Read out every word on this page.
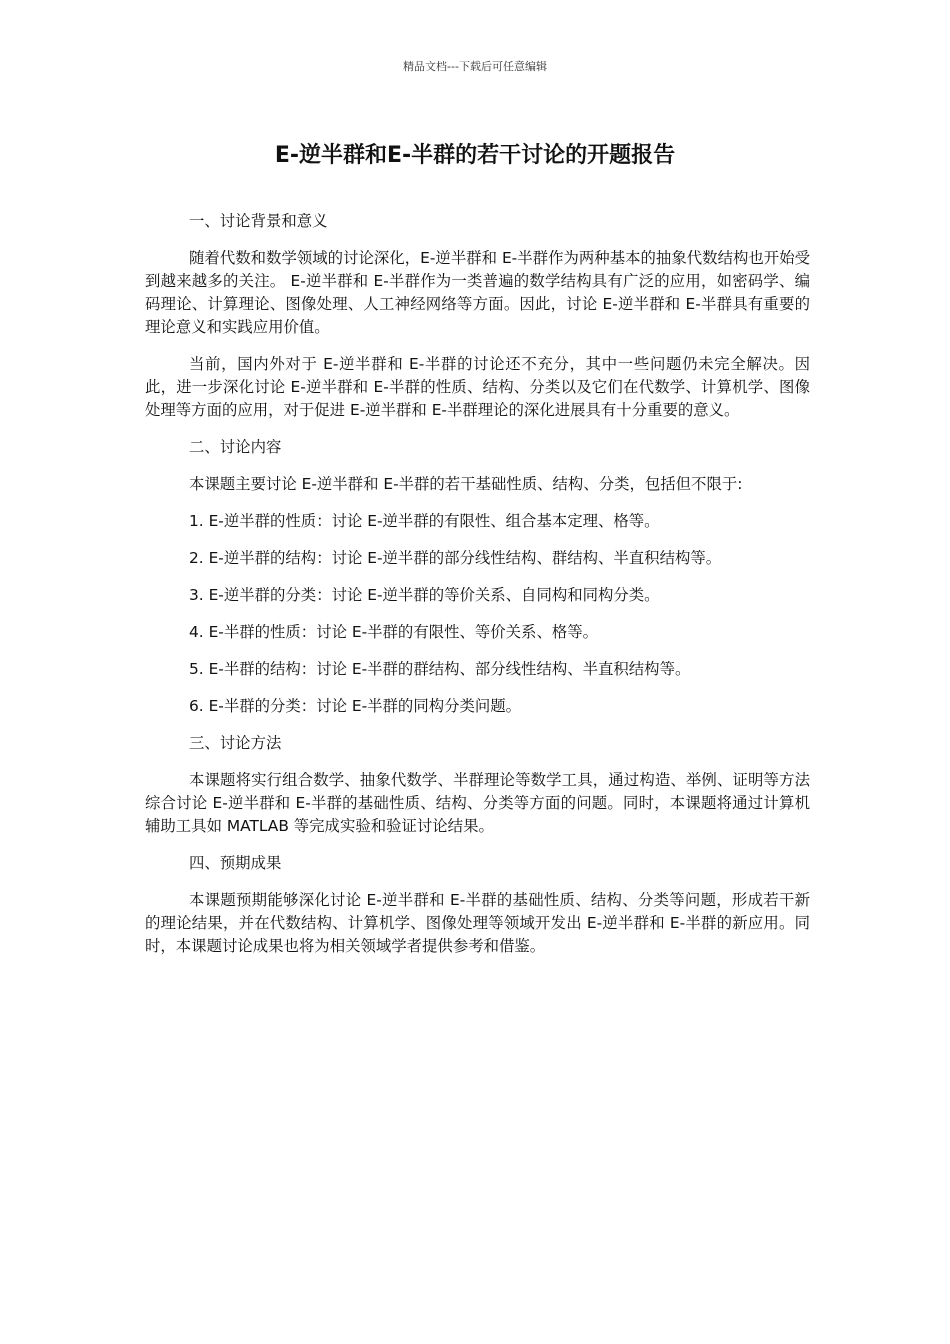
精品文档---下载后可任意编辑
E-逆半群和E-半群的若干讨论的开题报告

一、讨论背景和意义

随着代数和数学领域的讨论深化，E-逆半群和 E-半群作为两种基本的抽象代数结构也开始受到越来越多的关注。 E-逆半群和 E-半群作为一类普遍的数学结构具有广泛的应用，如密码学、编码理论、计算理论、图像处理、人工神经网络等方面。因此，讨论 E-逆半群和 E-半群具有重要的理论意义和实践应用价值。

当前，国内外对于 E-逆半群和 E-半群的讨论还不充分，其中一些问题仍未完全解决。因此，进一步深化讨论 E-逆半群和 E-半群的性质、结构、分类以及它们在代数学、计算机学、图像处理等方面的应用，对于促进 E-逆半群和 E-半群理论的深化进展具有十分重要的意义。

二、讨论内容

本课题主要讨论 E-逆半群和 E-半群的若干基础性质、结构、分类，包括但不限于:

1. E-逆半群的性质：讨论 E-逆半群的有限性、组合基本定理、格等。

2. E-逆半群的结构：讨论 E-逆半群的部分线性结构、群结构、半直积结构等。

3. E-逆半群的分类：讨论 E-逆半群的等价关系、自同构和同构分类。

4. E-半群的性质：讨论 E-半群的有限性、等价关系、格等。

5. E-半群的结构：讨论 E-半群的群结构、部分线性结构、半直积结构等。

6. E-半群的分类：讨论 E-半群的同构分类问题。

三、讨论方法

本课题将实行组合数学、抽象代数学、半群理论等数学工具，通过构造、举例、证明等方法综合讨论 E-逆半群和 E-半群的基础性质、结构、分类等方面的问题。同时，本课题将通过计算机辅助工具如 MATLAB 等完成实验和验证讨论结果。

四、预期成果

本课题预期能够深化讨论 E-逆半群和 E-半群的基础性质、结构、分类等问题，形成若干新的理论结果，并在代数结构、计算机学、图像处理等领域开发出 E-逆半群和 E-半群的新应用。同时，本课题讨论成果也将为相关领域学者提供参考和借鉴。
